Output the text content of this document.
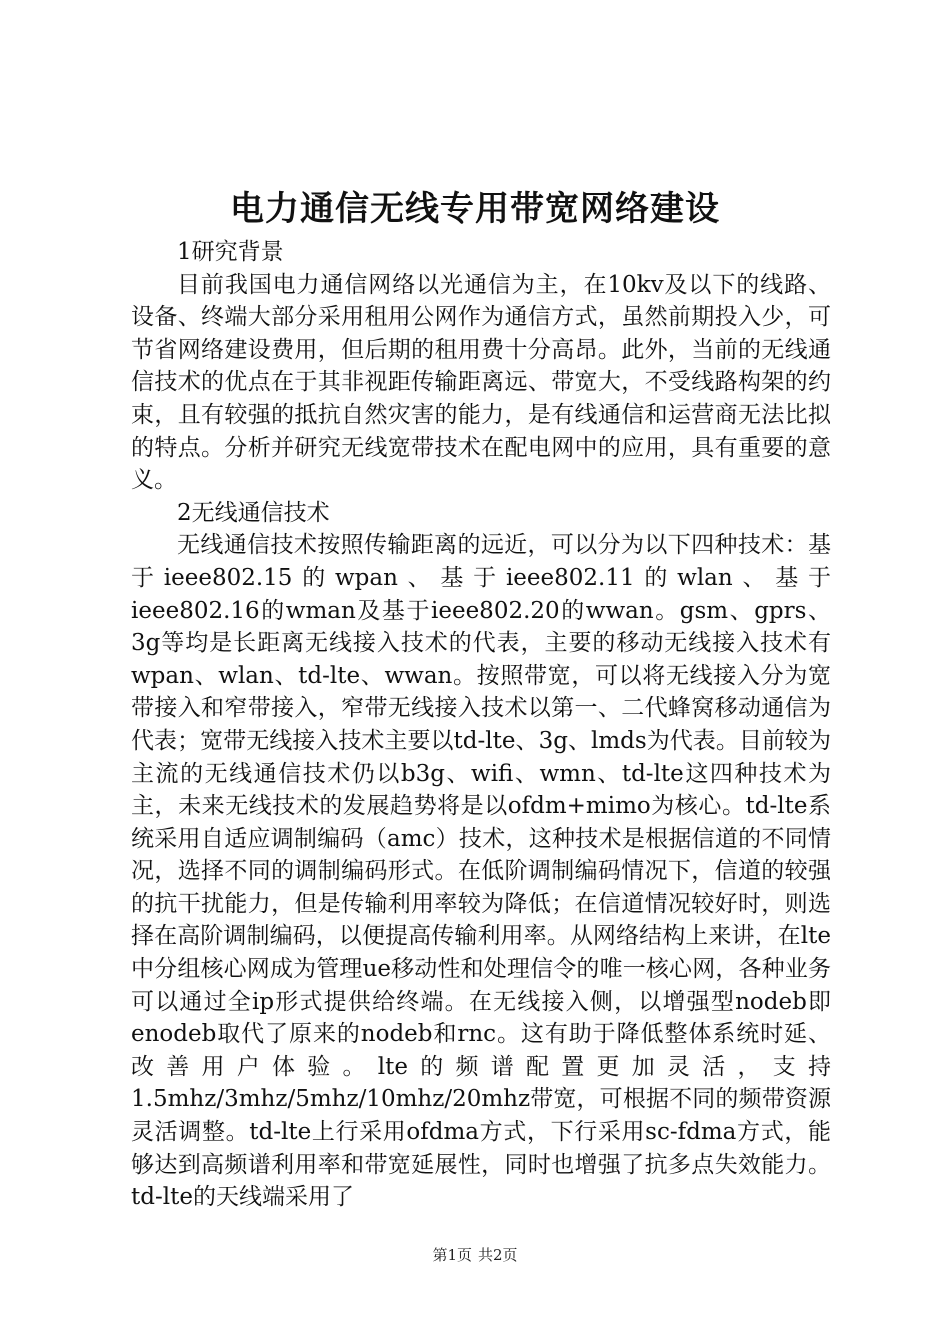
电力通信无线专用带宽网络建设

1研究背景

目前我国电力通信网络以光通信为主，在10kv及以下的线路、设备、终端大部分采用租用公网作为通信方式，虽然前期投入少，可节省网络建设费用，但后期的租用费十分高昂。此外，当前的无线通信技术的优点在于其非视距传输距离远、带宽大，不受线路构架的约束，且有较强的抵抗自然灾害的能力，是有线通信和运营商无法比拟的特点。分析并研究无线宽带技术在配电网中的应用，具有重要的意义。

2无线通信技术

无线通信技术按照传输距离的远近，可以分为以下四种技术：基于ieee802.15的wpan、基于ieee802.11的wlan、基于ieee802.16的wman及基于ieee802.20的wwan。gsm、gprs、3g等均是长距离无线接入技术的代表，主要的移动无线接入技术有wpan、wlan、td-lte、wwan。按照带宽，可以将无线接入分为宽带接入和窄带接入，窄带无线接入技术以第一、二代蜂窝移动通信为代表；宽带无线接入技术主要以td-lte、3g、lmds为代表。目前较为主流的无线通信技术仍以b3g、wifi、wmn、td-lte这四种技术为主，未来无线技术的发展趋势将是以ofdm+mimo为核心。td-lte系统采用自适应调制编码（amc）技术，这种技术是根据信道的不同情况，选择不同的调制编码形式。在低阶调制编码情况下，信道的较强的抗干扰能力，但是传输利用率较为降低；在信道情况较好时，则选择在高阶调制编码，以便提高传输利用率。从网络结构上来讲，在lte中分组核心网成为管理ue移动性和处理信令的唯一核心网，各种业务可以通过全ip形式提供给终端。在无线接入侧，以增强型nodeb即enodeb取代了原来的nodeb和rnc。这有助于降低整体系统时延、改善用户体验。lte的频谱配置更加灵活，支持1.5mhz/3mhz/5mhz/10mhz/20mhz带宽，可根据不同的频带资源灵活调整。td-lte上行采用ofdma方式，下行采用sc-fdma方式，能够达到高频谱利用率和带宽延展性，同时也增强了抗多点失效能力。td-lte的天线端采用了

第1页 共2页
